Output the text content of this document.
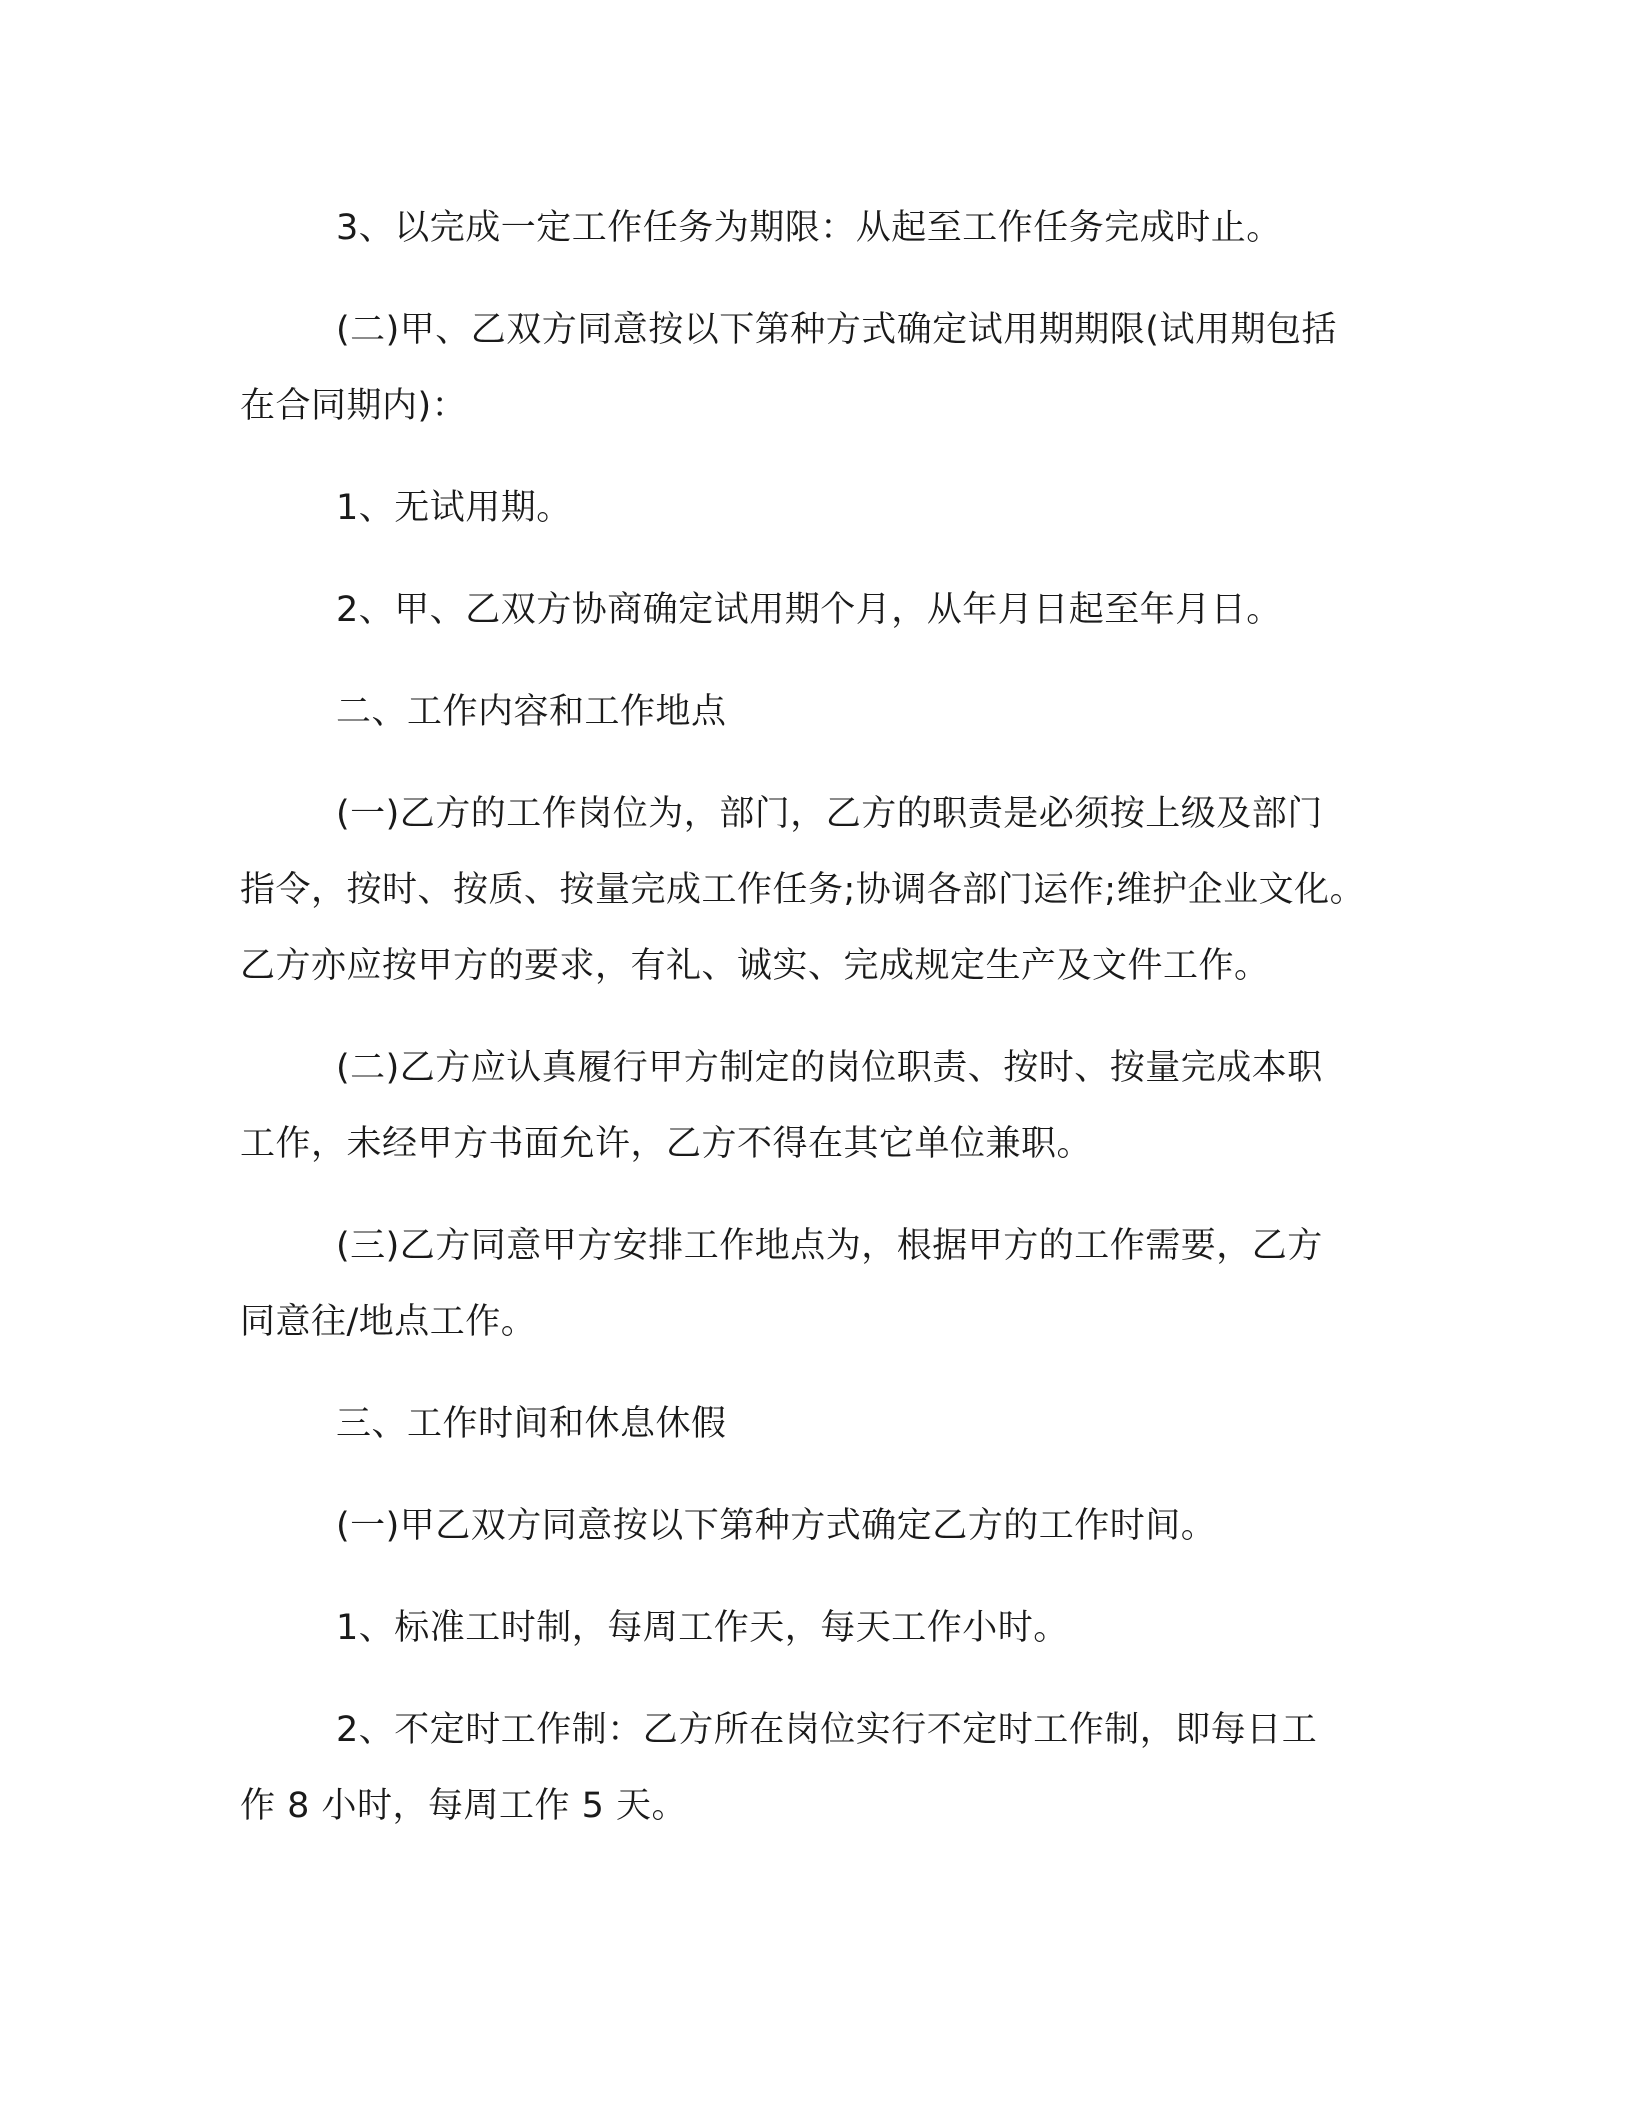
3、以完成一定工作任务为期限：从起至工作任务完成时止。

(二)甲、乙双方同意按以下第种方式确定试用期期限(试用期包括

在合同期内)：

1、无试用期。

2、甲、乙双方协商确定试用期个月，从年月日起至年月日。

二、工作内容和工作地点

(一)乙方的工作岗位为，部门，乙方的职责是必须按上级及部门

指令，按时、按质、按量完成工作任务;协调各部门运作;维护企业文化。

乙方亦应按甲方的要求，有礼、诚实、完成规定生产及文件工作。

(二)乙方应认真履行甲方制定的岗位职责、按时、按量完成本职

工作，未经甲方书面允许，乙方不得在其它单位兼职。

(三)乙方同意甲方安排工作地点为，根据甲方的工作需要，乙方

同意往/地点工作。

三、工作时间和休息休假

(一)甲乙双方同意按以下第种方式确定乙方的工作时间。

1、标准工时制，每周工作天，每天工作小时。

2、不定时工作制：乙方所在岗位实行不定时工作制，即每日工

作 8 小时，每周工作 5 天。
